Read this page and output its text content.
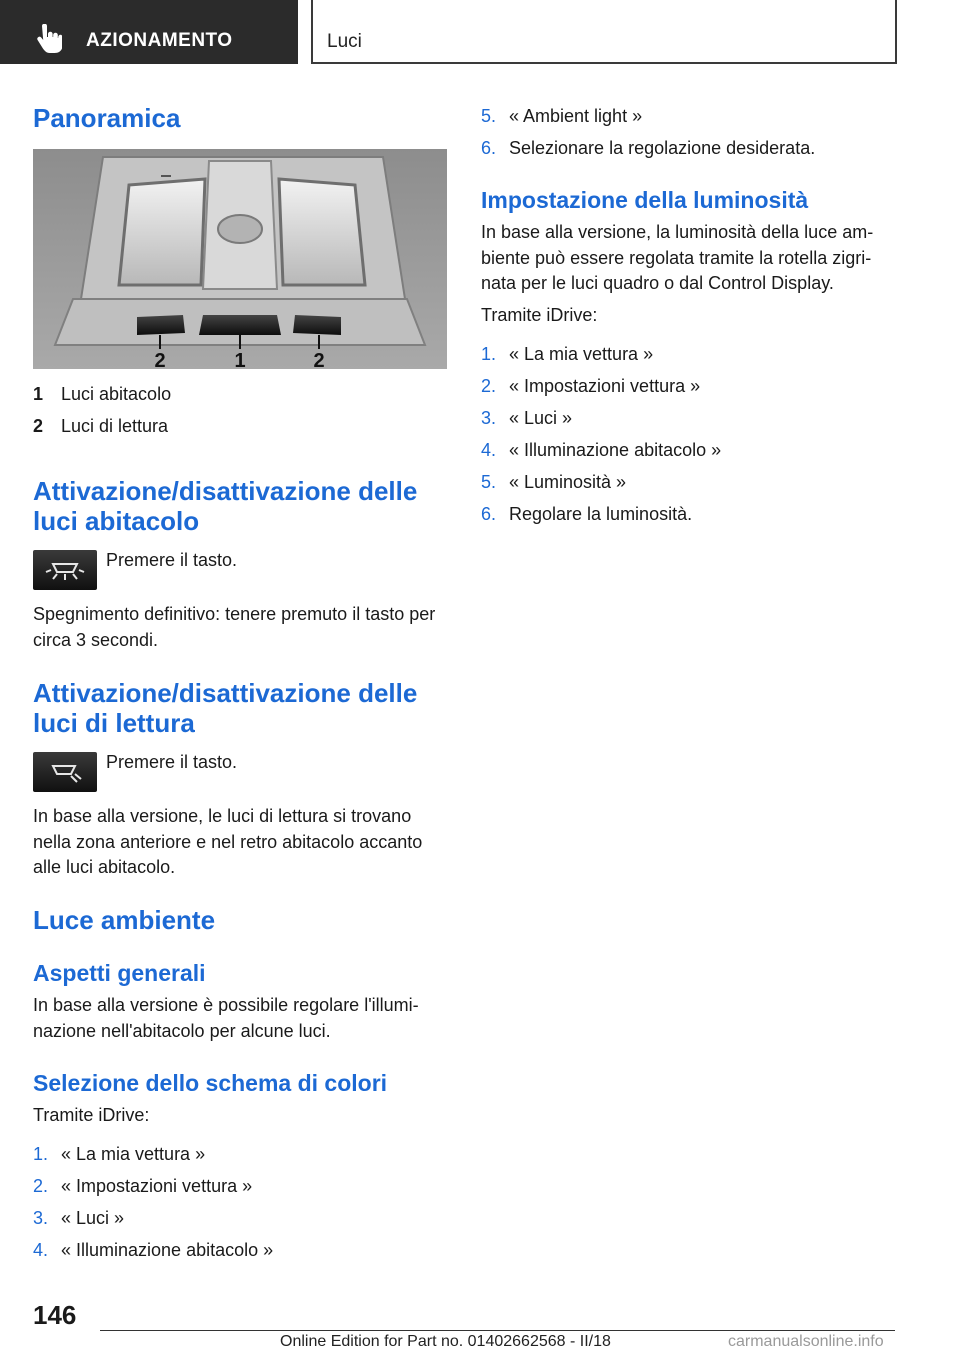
AZIONAMENTO	Luci
Panoramica
2	1	2
1 Luci abitacolo
2 Luci di lettura
Attivazione/disattivazione delle luci abitacolo

Premere il tasto.

Spegnimento definitivo: tenere premuto il tasto per circa 3 secondi.

Attivazione/disattivazione delle luci di lettura

Premere il tasto.

In base alla versione, le luci di lettura si trovano nella zona anteriore e nel retro abitacolo accanto alle luci abitacolo.

Luce ambiente
Aspetti generali

In base alla versione è possibile regolare l'illumi-nazione nell'abitacolo per alcune luci.

Selezione dello schema di colori

Tramite iDrive:

1. « La mia vettura »
2. « Impostazioni vettura »
3. « Luci »
4. « Illuminazione abitacolo »
5. « Ambient light »
6. Selezionare la regolazione desiderata.
Impostazione della luminosità

In base alla versione, la luminosità della luce am-biente può essere regolata tramite la rotella zigri-nata per le luci quadro o dal Control Display.

Tramite iDrive:

1. « La mia vettura »
2. « Impostazioni vettura »
3. « Luci »
4. « Illuminazione abitacolo »
5. « Luminosità »
6. Regolare la luminosità.
146
Online Edition for Part no. 01402662568 - II/18	carmanualsonline.info
